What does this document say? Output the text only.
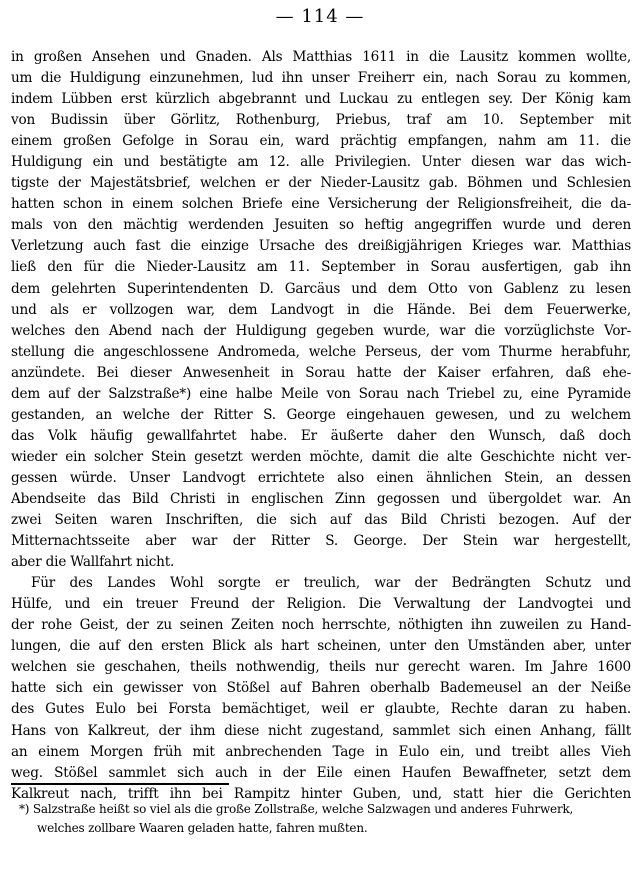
— 114 —
in großen Ansehen und Gnaden. Als Matthias 1611 in die Lausitz kommen wollte,
um die Huldigung einzunehmen, lud ihn unser Freiherr ein, nach Sorau zu kommen,
indem Lübben erst kürzlich abgebrannt und Luckau zu entlegen sey. Der König kam
von Budissin über Görlitz, Rothenburg, Priebus, traf am 10. September mit
einem großen Gefolge in Sorau ein, ward prächtig empfangen, nahm am 11. die
Huldigung ein und bestätigte am 12. alle Privilegien. Unter diesen war das wich-
tigste der Majestätsbrief, welchen er der Nieder-Lausitz gab. Böhmen und Schlesien
hatten schon in einem solchen Briefe eine Versicherung der Religionsfreiheit, die da-
mals von den mächtig werdenden Jesuiten so heftig angegriffen wurde und deren
Verletzung auch fast die einzige Ursache des dreißigjährigen Krieges war. Matthias
ließ den für die Nieder-Lausitz am 11. September in Sorau ausfertigen, gab ihn
dem gelehrten Superintendenten D. Garcäus und dem Otto von Gablenz zu lesen
und als er vollzogen war, dem Landvogt in die Hände. Bei dem Feuerwerke,
welches den Abend nach der Huldigung gegeben wurde, war die vorzüglichste Vor-
stellung die angeschlossene Andromeda, welche Perseus, der vom Thurme herabfuhr,
anzündete. Bei dieser Anwesenheit in Sorau hatte der Kaiser erfahren, daß ehe-
dem auf der Salzstraße*) eine halbe Meile von Sorau nach Triebel zu, eine Pyramide
gestanden, an welche der Ritter S. George eingehauen gewesen, und zu welchem
das Volk häufig gewallfahrtet habe. Er äußerte daher den Wunsch, daß doch
wieder ein solcher Stein gesetzt werden möchte, damit die alte Geschichte nicht ver-
gessen würde. Unser Landvogt errichtete also einen ähnlichen Stein, an dessen
Abendseite das Bild Christi in englischen Zinn gegossen und übergoldet war. An
zwei Seiten waren Inschriften, die sich auf das Bild Christi bezogen. Auf der
Mitternachtsseite aber war der Ritter S. George. Der Stein war hergestellt,
aber die Wallfahrt nicht.
Für des Landes Wohl sorgte er treulich, war der Bedrängten Schutz und
Hülfe, und ein treuer Freund der Religion. Die Verwaltung der Landvogtei und
der rohe Geist, der zu seinen Zeiten noch herrschte, nöthigten ihn zuweilen zu Hand-
lungen, die auf den ersten Blick als hart scheinen, unter den Umständen aber, unter
welchen sie geschahen, theils nothwendig, theils nur gerecht waren. Im Jahre 1600
hatte sich ein gewisser von Stößel auf Bahren oberhalb Bademeusel an der Neiße
des Gutes Eulo bei Forsta bemächtiget, weil er glaubte, Rechte daran zu haben.
Hans von Kalkreut, der ihm diese nicht zugestand, sammlet sich einen Anhang, fällt
an einem Morgen früh mit anbrechenden Tage in Eulo ein, und treibt alles Vieh
weg. Stößel sammlet sich auch in der Eile einen Haufen Bewaffneter, setzt dem
Kalkreut nach, trifft ihn bei Rampitz hinter Guben, und, statt hier die Gerichten
*) Salzstraße heißt so viel als die große Zollstraße, welche Salzwagen und anderes Fuhrwerk,
welches zollbare Waaren geladen hatte, fahren mußten.
